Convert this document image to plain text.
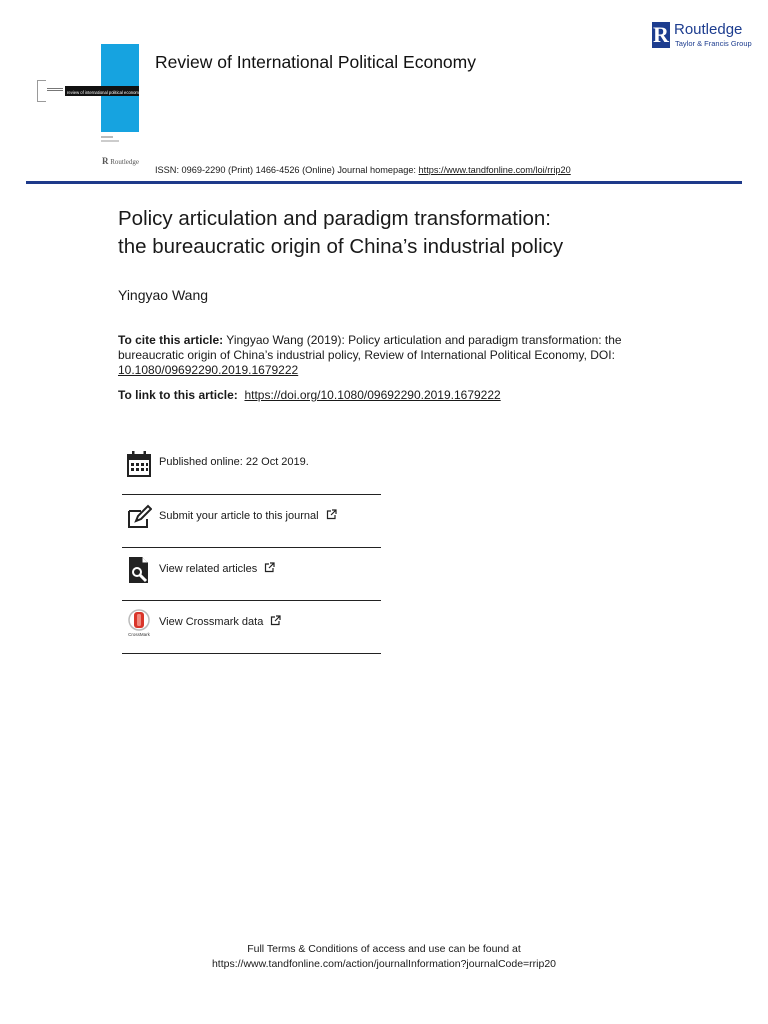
review of international political economy
R Routledge
Review of International Political Economy
R Routledge
Taylor & Francis Group
ISSN: 0969-2290 (Print) 1466-4526 (Online) Journal homepage: https://www.tandfonline.com/loi/rrip20
Policy articulation and paradigm transformation:
the bureaucratic origin of China’s industrial policy
Yingyao Wang
To cite this article: Yingyao Wang (2019): Policy articulation and paradigm transformation: the bureaucratic origin of China’s industrial policy, Review of International Political Economy, DOI: 10.1080/09692290.2019.1679222
To link to this article: https://doi.org/10.1080/09692290.2019.1679222
Published online: 22 Oct 2019.
Submit your article to this journal
View related articles
CrossMark
View Crossmark data
Full Terms & Conditions of access and use can be found at
https://www.tandfonline.com/action/journalInformation?journalCode=rrip20
